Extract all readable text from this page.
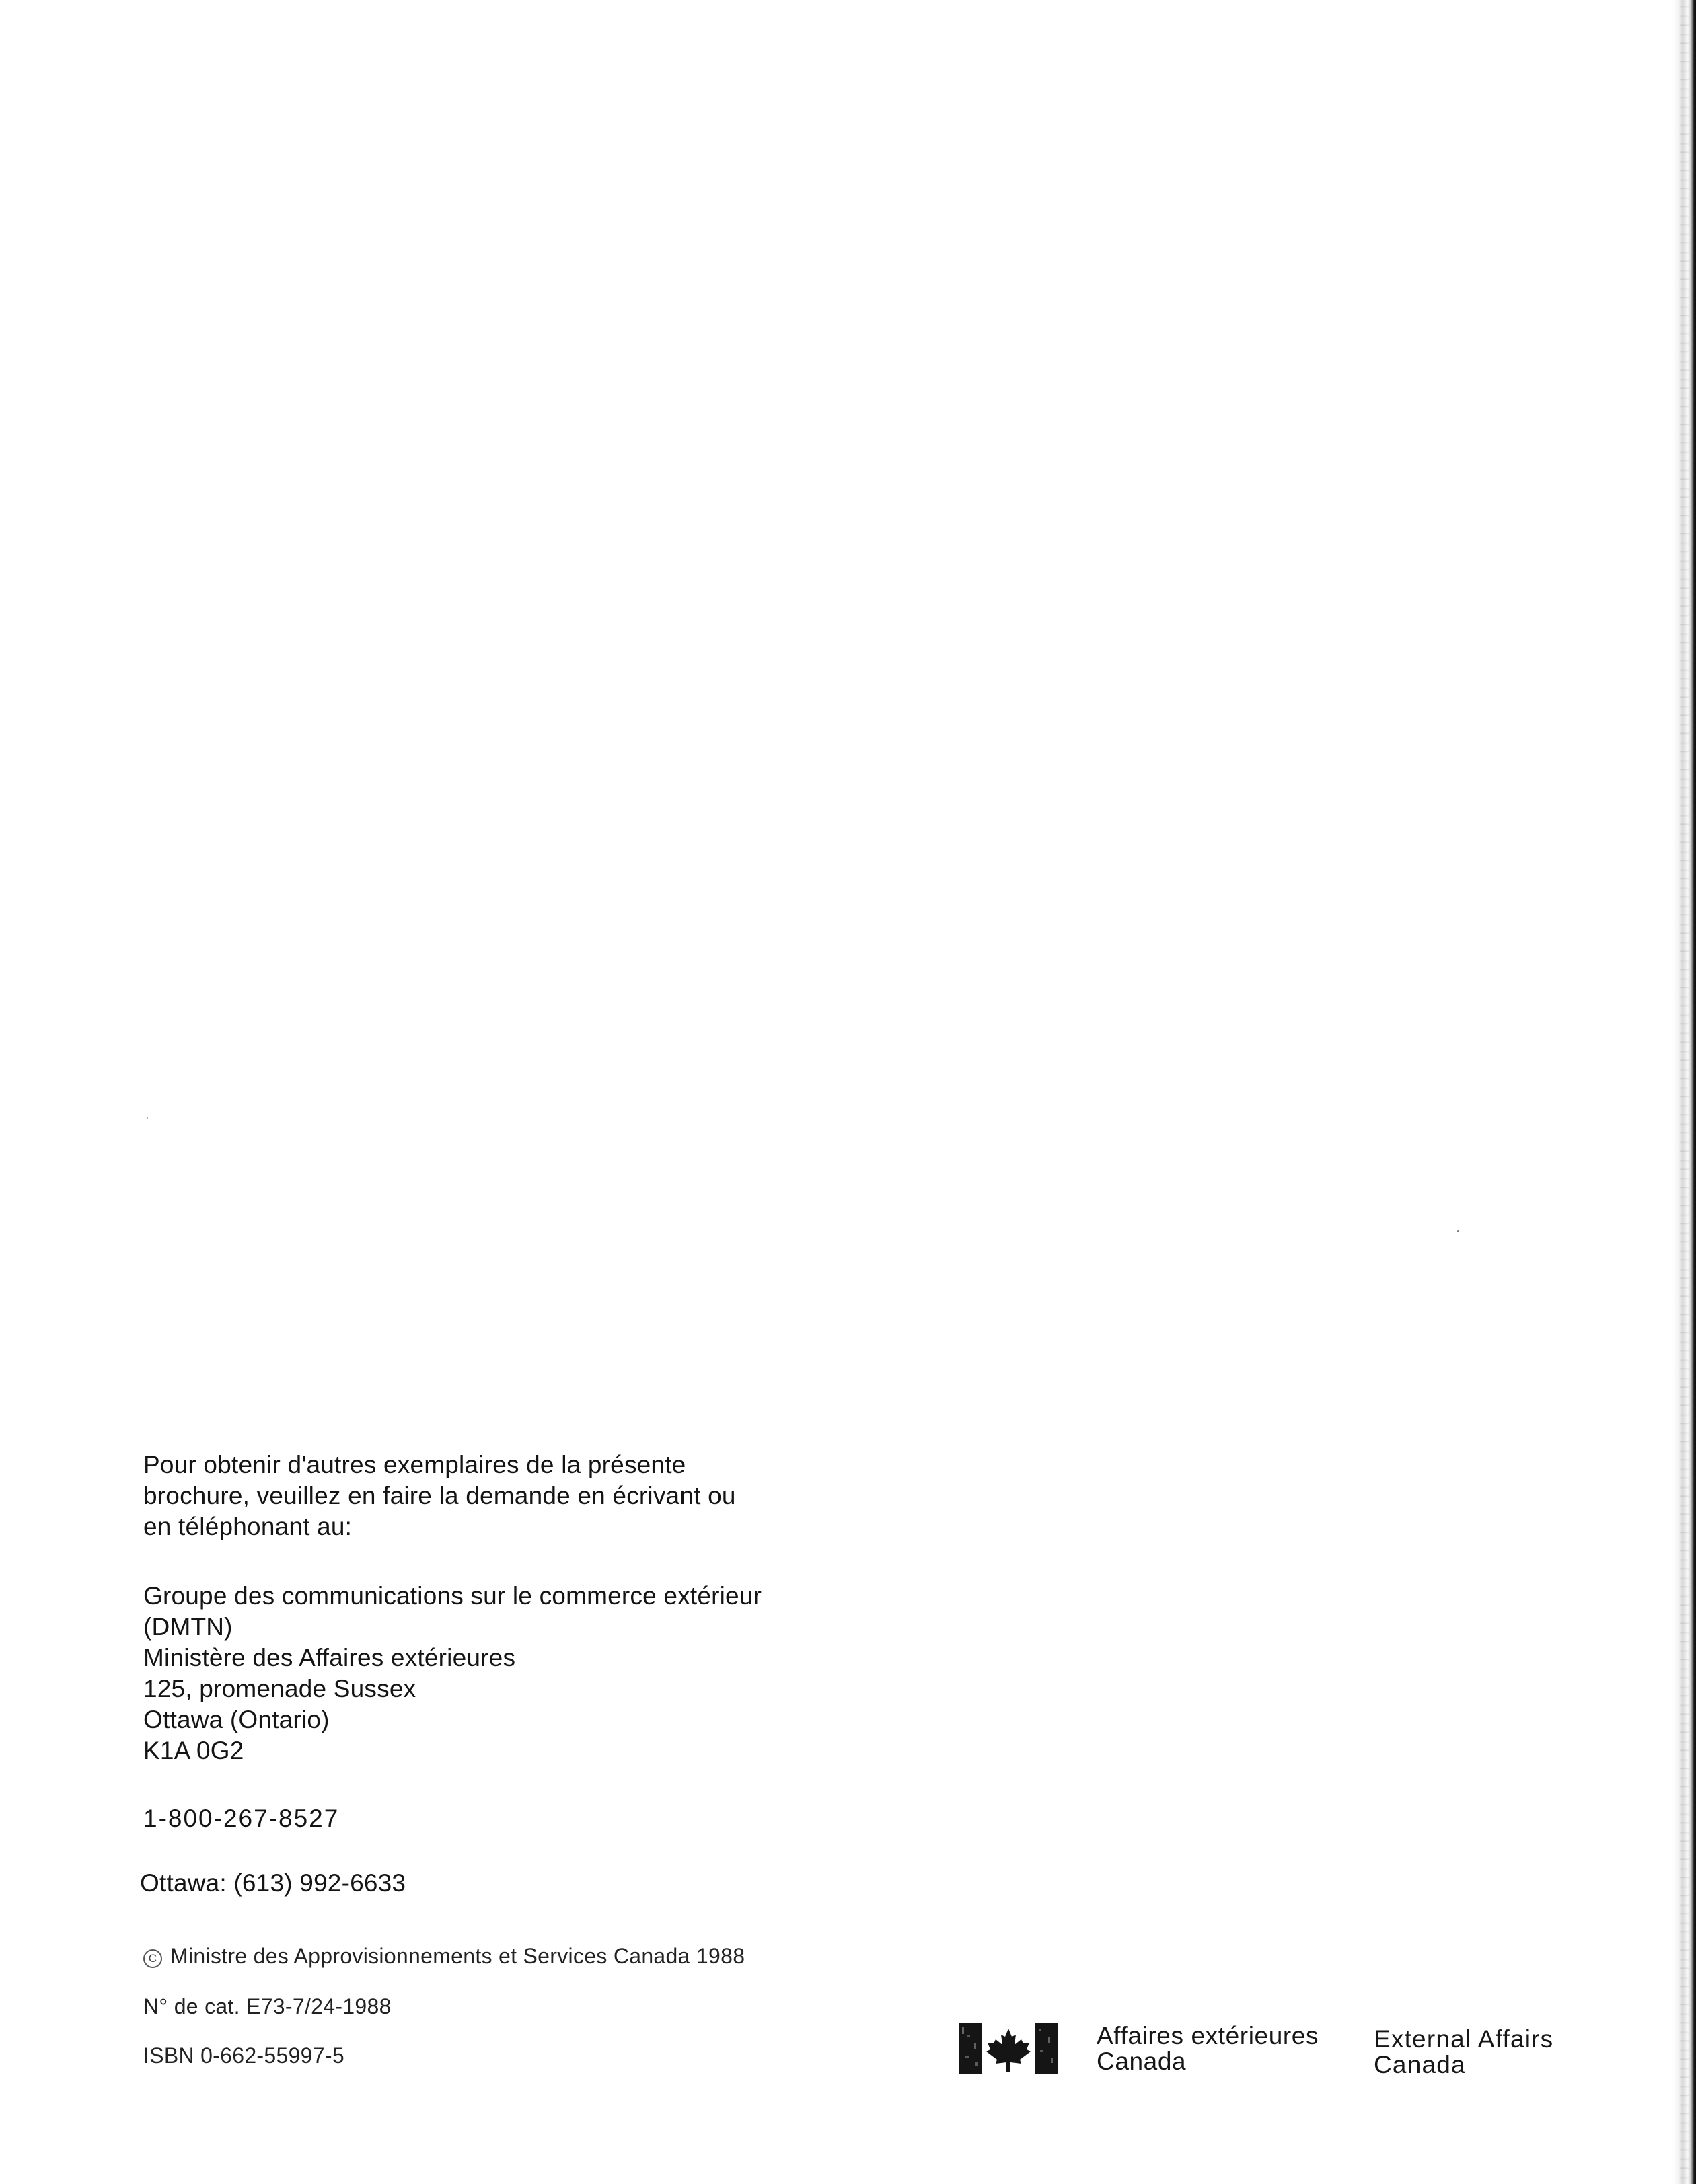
Pour obtenir d'autres exemplaires de la présente
brochure, veuillez en faire la demande en écrivant ou
en téléphonant au:
Groupe des communications sur le commerce extérieur
(DMTN)
Ministère des Affaires extérieures
125, promenade Sussex
Ottawa (Ontario)
K1A 0G2
1-800-267-8527
Ottawa: (613) 992-6633
C Ministre des Approvisionnements et Services Canada 1988
N° de cat. E73-7/24-1988
ISBN 0-662-55997-5
Affaires extérieures
Canada
External Affairs
Canada
